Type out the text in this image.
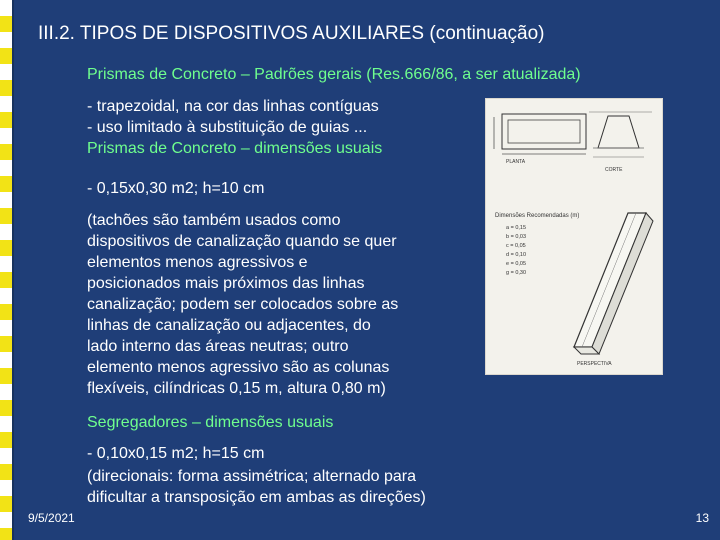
III.2. TIPOS DE DISPOSITIVOS AUXILIARES (continuação)
Prismas de Concreto – Padrões gerais (Res.666/86, a ser atualizada)
- trapezoidal, na cor das linhas contíguas
- uso limitado à substituição de guias ...
Prismas de Concreto – dimensões usuais
- 0,15x0,30 m2; h=10 cm
(tachões são também usados como
dispositivos de canalização quando se quer
elementos menos agressivos e
posicionados mais próximos das linhas
canalização; podem ser colocados sobre as
linhas de canalização ou adjacentes, do
lado interno das áreas neutras; outro
elemento menos agressivo são as colunas
flexíveis, cilíndricas 0,15 m, altura 0,80 m)
Segregadores – dimensões usuais
- 0,10x0,15 m2; h=15 cm
(direcionais: forma assimétrica; alternado para
dificultar a transposição em ambas as direções)
PLANTA
CORTE
Dimensões Recomendadas (m)
a = 0,15
b = 0,03
c = 0,05
d = 0,10
e = 0,05
g = 0,30
PERSPECTIVA
9/5/2021	13
